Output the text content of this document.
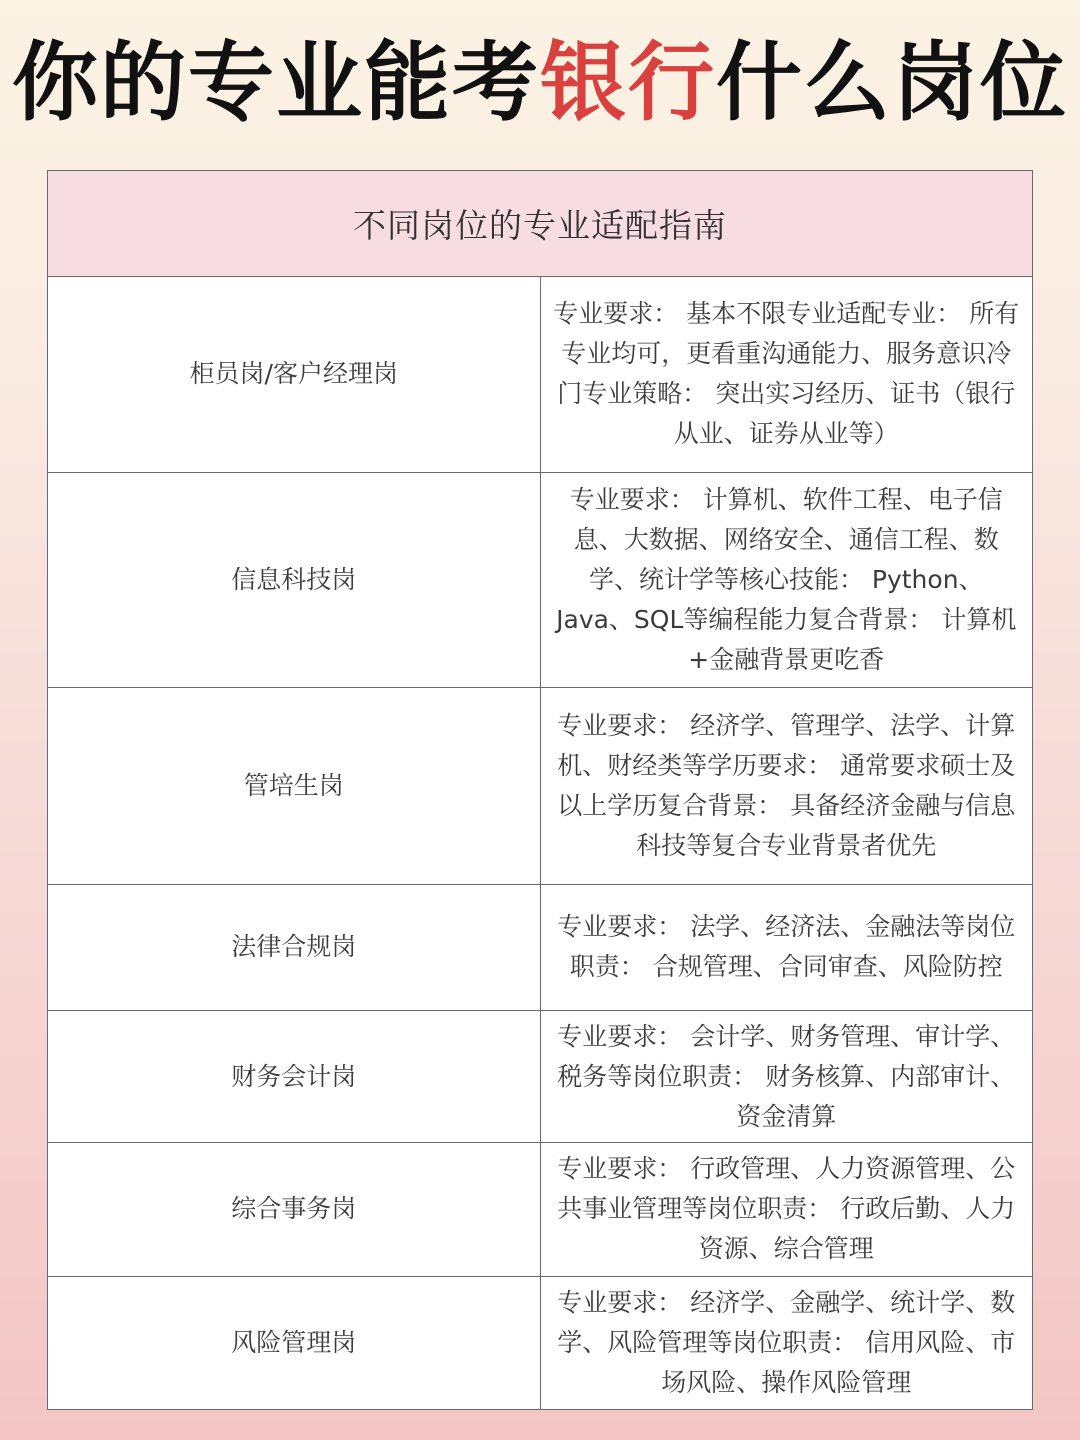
你的专业能考银行什么岗位
不同岗位的专业适配指南	
柜员岗/客户经理岗	专业要求： 基本不限专业适配专业： 所有专业均可，更看重沟通能力、服务意识冷门专业策略： 突出实习经历、证书（银行从业、证券从业等）
信息科技岗	专业要求： 计算机、软件工程、电子信息、大数据、网络安全、通信工程、数学、统计学等核心技能： Python、Java、SQL等编程能力复合背景： 计算机+金融背景更吃香
管培生岗	专业要求： 经济学、管理学、法学、计算机、财经类等学历要求： 通常要求硕士及以上学历复合背景： 具备经济金融与信息科技等复合专业背景者优先
法律合规岗	专业要求： 法学、经济法、金融法等岗位职责： 合规管理、合同审查、风险防控
财务会计岗	专业要求： 会计学、财务管理、审计学、税务等岗位职责： 财务核算、内部审计、资金清算
综合事务岗	专业要求： 行政管理、人力资源管理、公共事业管理等岗位职责： 行政后勤、人力资源、综合管理
风险管理岗	专业要求： 经济学、金融学、统计学、数学、风险管理等岗位职责： 信用风险、市场风险、操作风险管理
